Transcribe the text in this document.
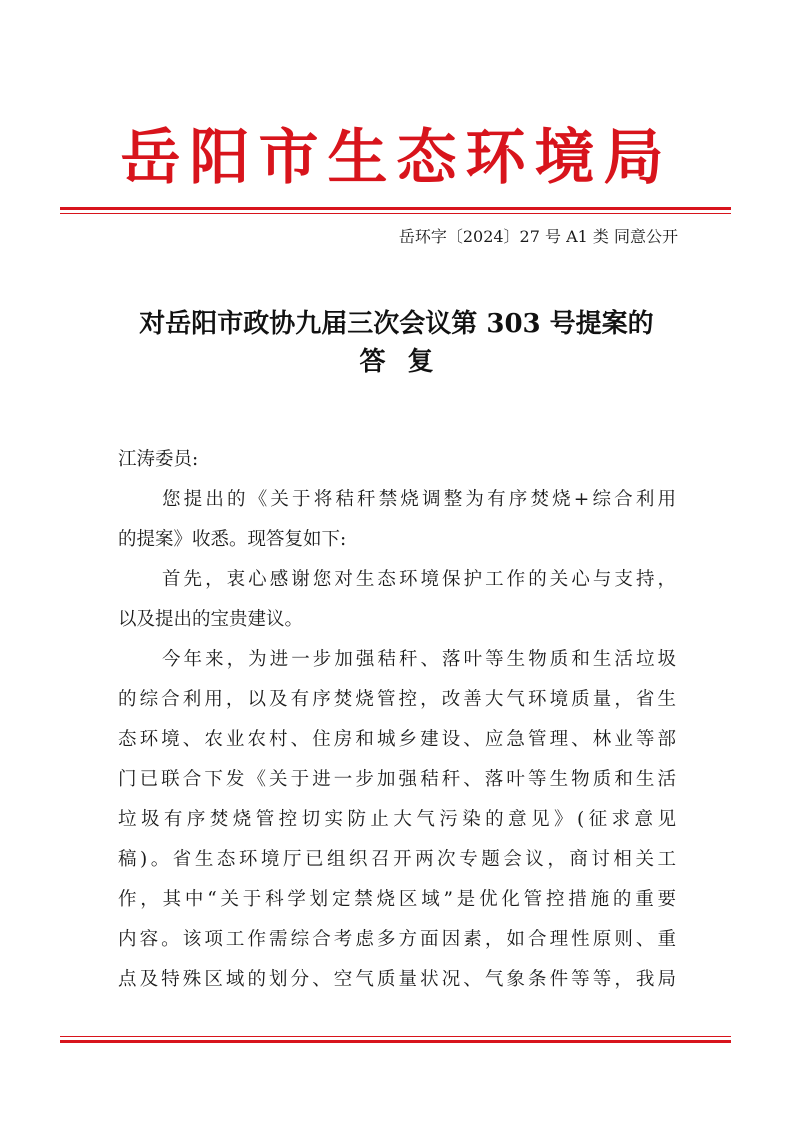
岳阳市生态环境局
岳环字〔2024〕27 号 A1 类 同意公开
对岳阳市政协九届三次会议第 303 号提案的
答复
江涛委员:
您提出的《关于将秸秆禁烧调整为有序焚烧+综合利用
的提案》收悉。现答复如下:
首先，衷心感谢您对生态环境保护工作的关心与支持，
以及提出的宝贵建议。
今年来，为进一步加强秸秆、落叶等生物质和生活垃圾
的综合利用，以及有序焚烧管控，改善大气环境质量，省生
态环境、农业农村、住房和城乡建设、应急管理、林业等部
门已联合下发《关于进一步加强秸秆、落叶等生物质和生活
垃圾有序焚烧管控切实防止大气污染的意见》(征求意见
稿)。省生态环境厅已组织召开两次专题会议，商讨相关工
作，其中“关于科学划定禁烧区域”是优化管控措施的重要
内容。该项工作需综合考虑多方面因素，如合理性原则、重
点及特殊区域的划分、空气质量状况、气象条件等等，我局
